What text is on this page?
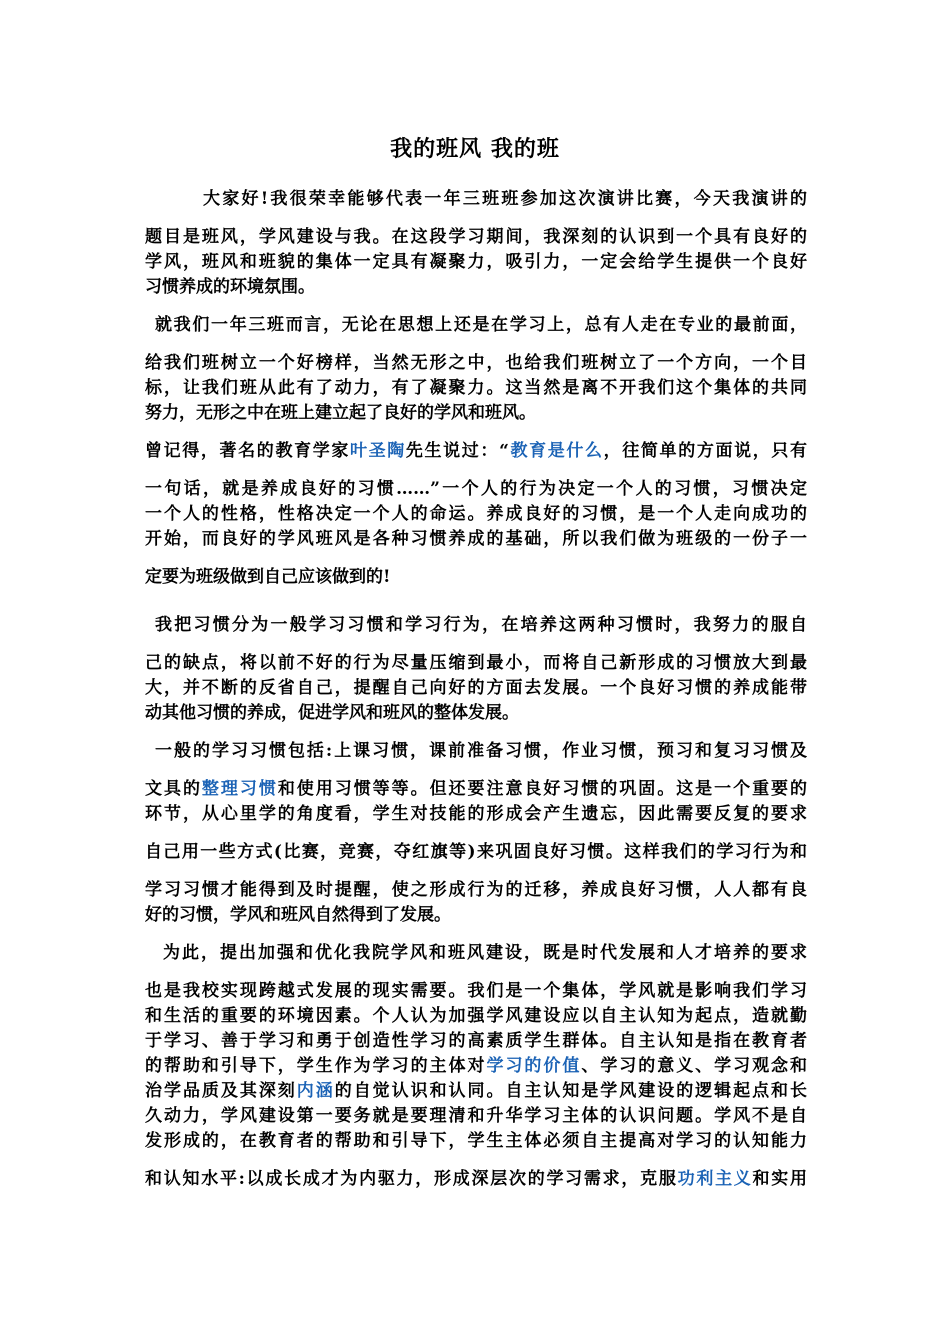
我的班风 我的班
大家好!我很荣幸能够代表一年三班班参加这次演讲比赛，今天我演讲的
题目是班风，学风建设与我。在这段学习期间，我深刻的认识到一个具有良好的
学风，班风和班貌的集体一定具有凝聚力，吸引力，一定会给学生提供一个良好
习惯养成的环境氛围。
就我们一年三班而言，无论在思想上还是在学习上，总有人走在专业的最前面，
给我们班树立一个好榜样，当然无形之中，也给我们班树立了一个方向，一个目
标，让我们班从此有了动力，有了凝聚力。这当然是离不开我们这个集体的共同
努力，无形之中在班上建立起了良好的学风和班风。
曾记得，著名的教育学家叶圣陶先生说过：“教育是什么，往简单的方面说，只有
一句话，就是养成良好的习惯……”一个人的行为决定一个人的习惯，习惯决定
一个人的性格，性格决定一个人的命运。养成良好的习惯，是一个人走向成功的
开始，而良好的学风班风是各种习惯养成的基础，所以我们做为班级的一份子一
定要为班级做到自己应该做到的!
我把习惯分为一般学习习惯和学习行为，在培养这两种习惯时，我努力的服自
己的缺点，将以前不好的行为尽量压缩到最小，而将自己新形成的习惯放大到最
大，并不断的反省自己，提醒自己向好的方面去发展。一个良好习惯的养成能带
动其他习惯的养成，促进学风和班风的整体发展。
一般的学习习惯包括:上课习惯，课前准备习惯，作业习惯，预习和复习习惯及
文具的整理习惯和使用习惯等等。但还要注意良好习惯的巩固。这是一个重要的
环节，从心里学的角度看，学生对技能的形成会产生遗忘，因此需要反复的要求
自己用一些方式(比赛，竞赛，夺红旗等)来巩固良好习惯。这样我们的学习行为和
学习习惯才能得到及时提醒，使之形成行为的迁移，养成良好习惯，人人都有良
好的习惯，学风和班风自然得到了发展。
为此，提出加强和优化我院学风和班风建设，既是时代发展和人才培养的要求
也是我校实现跨越式发展的现实需要。我们是一个集体，学风就是影响我们学习
和生活的重要的环境因素。个人认为加强学风建设应以自主认知为起点，造就勤
于学习、善于学习和勇于创造性学习的高素质学生群体。自主认知是指在教育者
的帮助和引导下，学生作为学习的主体对学习的价值、学习的意义、学习观念和
治学品质及其深刻内涵的自觉认识和认同。自主认知是学风建设的逻辑起点和长
久动力，学风建设第一要务就是要理清和升华学习主体的认识问题。学风不是自
发形成的，在教育者的帮助和引导下，学生主体必须自主提高对学习的认知能力
和认知水平:以成长成才为内驱力，形成深层次的学习需求，克服功利主义和实用
